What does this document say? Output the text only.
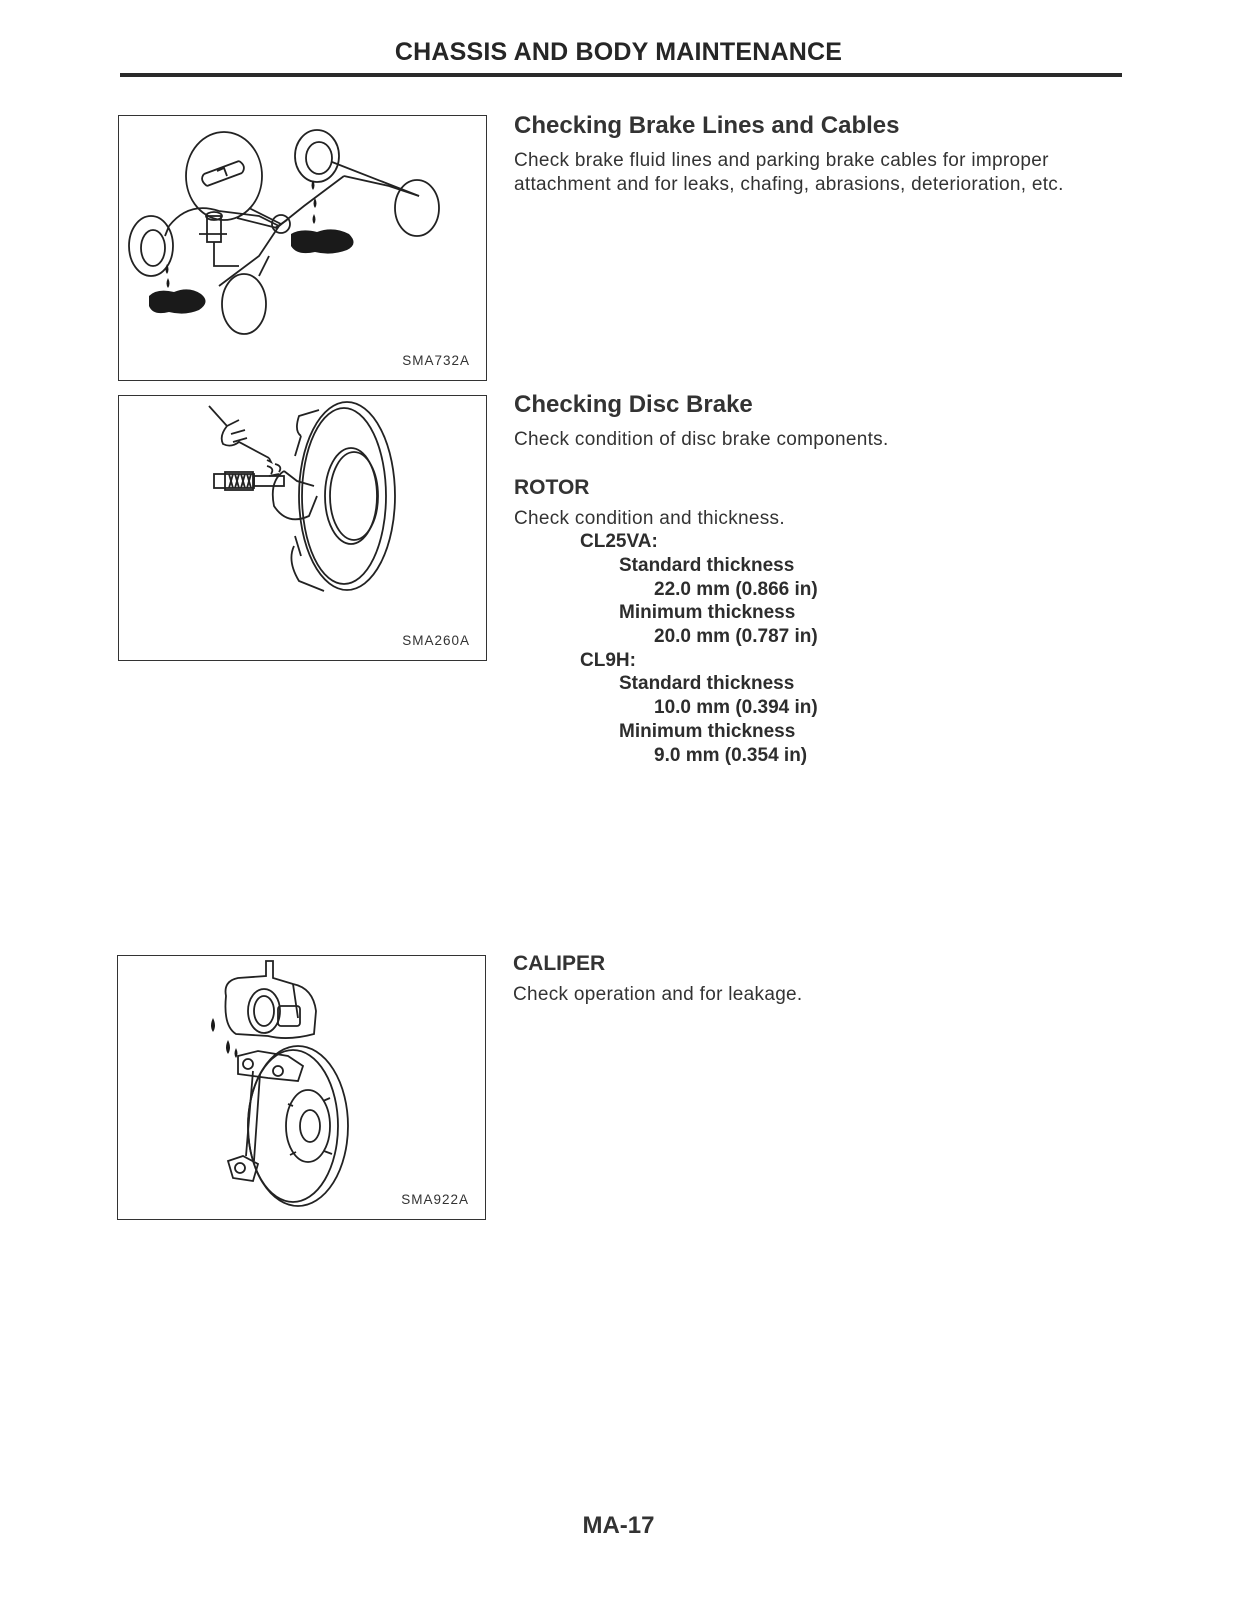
CHASSIS AND BODY MAINTENANCE
SMA732A
SMA260A
SMA922A
Checking Brake Lines and Cables
Check brake fluid lines and parking brake cables for improper
attachment and for leaks, chafing, abrasions, deterioration, etc.
Checking Disc Brake
Check condition of disc brake components.
ROTOR
Check condition and thickness.
CL25VA:
Standard thickness
22.0 mm (0.866 in)
Minimum thickness
20.0 mm (0.787 in)
CL9H:
Standard thickness
10.0 mm (0.394 in)
Minimum thickness
9.0 mm (0.354 in)
CALIPER
Check operation and for leakage.
MA-17
